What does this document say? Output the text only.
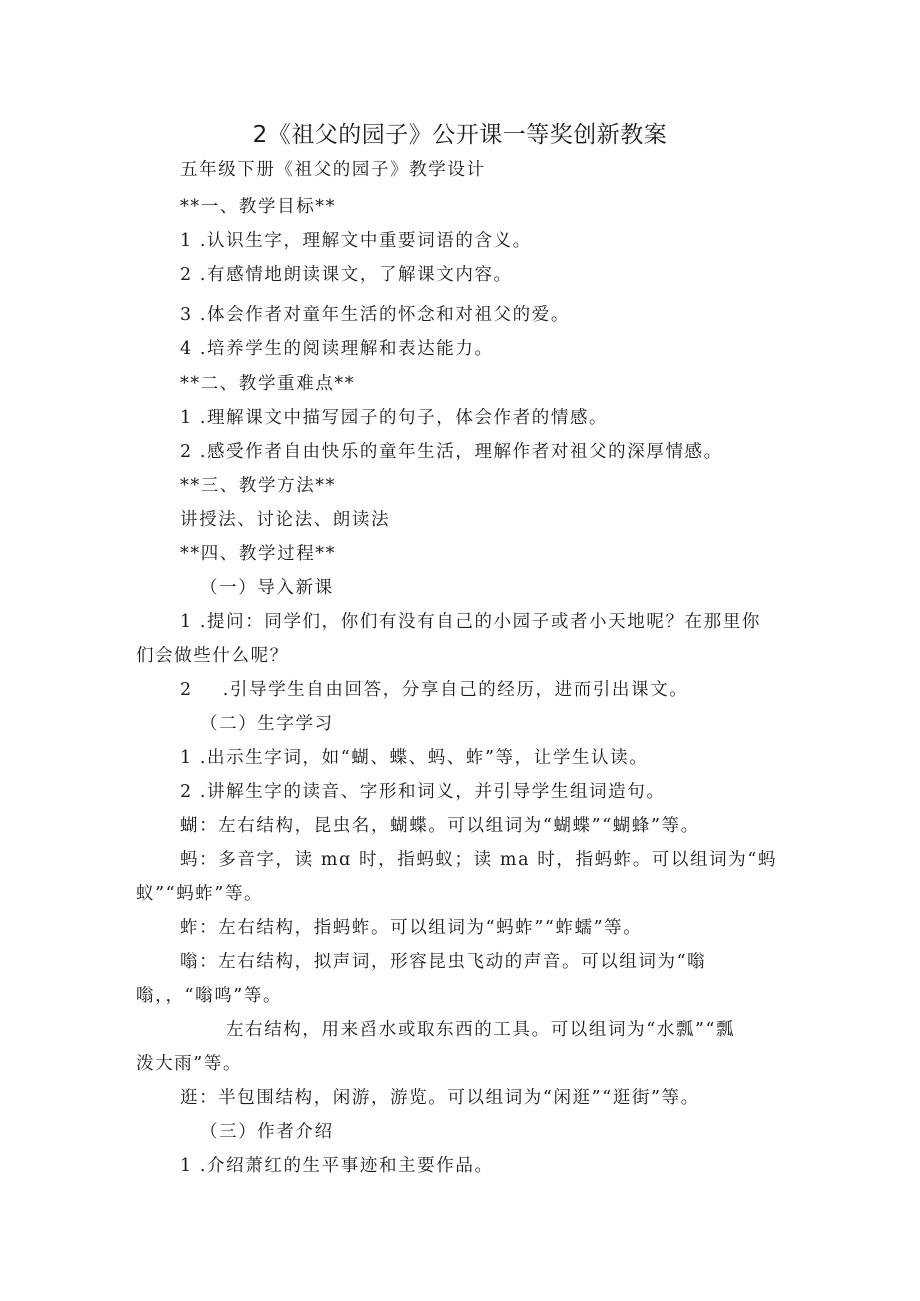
2《祖父的园子》公开课一等奖创新教案
五年级下册《祖父的园子》教学设计
**一、教学目标**
1 .认识生字，理解文中重要词语的含义。
2 .有感情地朗读课文，了解课文内容。
3 .体会作者对童年生活的怀念和对祖父的爱。
4 .培养学生的阅读理解和表达能力。
**二、教学重难点**
1 .理解课文中描写园子的句子，体会作者的情感。
2 .感受作者自由快乐的童年生活，理解作者对祖父的深厚情感。
**三、教学方法**
讲授法、讨论法、朗读法
**四、教学过程**
（一）导入新课
1 .提问：同学们，你们有没有自己的小园子或者小天地呢？在那里你
们会做些什么呢？
2 .引导学生自由回答，分享自己的经历，进而引出课文。
（二）生字学习
1 .出示生字词，如“蝴、蝶、蚂、蚱”等，让学生认读。
2 .讲解生字的读音、字形和词义，并引导学生组词造句。
蝴：左右结构，昆虫名，蝴蝶。可以组词为“蝴蝶”“蝴蜂”等。
蚂：多音字，读 mɑ 时，指蚂蚁；读 ma 时，指蚂蚱。可以组词为“蚂
蚁”“蚂蚱”等。
蚱：左右结构，指蚂蚱。可以组词为“蚂蚱”“蚱蠕”等。
嗡：左右结构，拟声词，形容昆虫飞动的声音。可以组词为“嗡
嗡，，“嗡鸣”等。
左右结构，用来舀水或取东西的工具。可以组词为“水瓢”“瓢
泼大雨”等。
逛：半包围结构，闲游，游览。可以组词为“闲逛”“逛街”等。
（三）作者介绍
1 .介绍萧红的生平事迹和主要作品。
